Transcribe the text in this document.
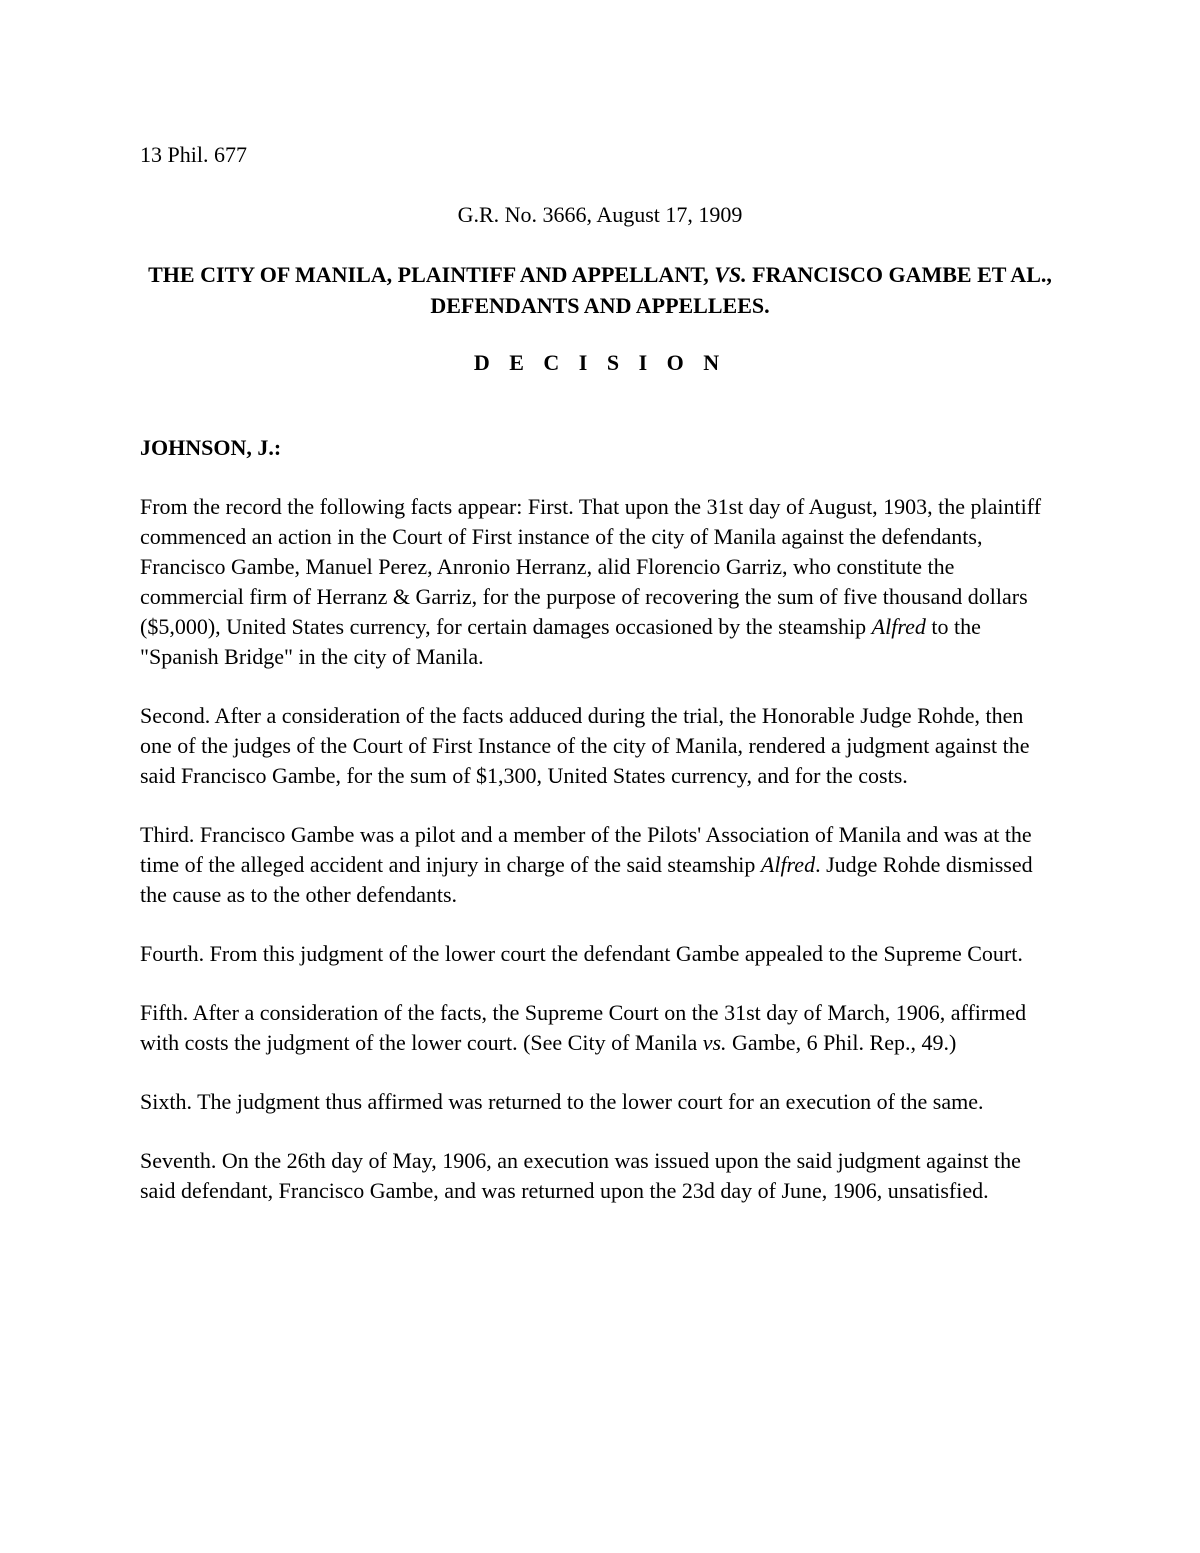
13 Phil. 677

G.R. No. 3666, August 17, 1909
THE CITY OF MANILA, PLAINTIFF AND APPELLANT, VS. FRANCISCO GAMBE ET AL., DEFENDANTS AND APPELLEES.
D E C I S I O N
JOHNSON, J.:

From the record the following facts appear: First. That upon the 31st day of August, 1903, the plaintiff commenced an action in the Court of First instance of the city of Manila against the defendants, Francisco Gambe, Manuel Perez, Anronio Herranz, alid Florencio Garriz, who constitute the commercial firm of Herranz & Garriz, for the purpose of recovering the sum of five thousand dollars ($5,000), United States currency, for certain damages occasioned by the steamship Alfred to the "Spanish Bridge" in the city of Manila.

Second. After a consideration of the facts adduced during the trial, the Honorable Judge Rohde, then one of the judges of the Court of First Instance of the city of Manila, rendered a judgment against the said Francisco Gambe, for the sum of $1,300, United States currency, and for the costs.

Third. Francisco Gambe was a pilot and a member of the Pilots' Association of Manila and was at the time of the alleged accident and injury in charge of the said steamship Alfred. Judge Rohde dismissed the cause as to the other defendants.

Fourth. From this judgment of the lower court the defendant Gambe appealed to the Supreme Court.

Fifth. After a consideration of the facts, the Supreme Court on the 31st day of March, 1906, affirmed with costs the judgment of the lower court. (See City of Manila vs. Gambe, 6 Phil. Rep., 49.)

Sixth. The judgment thus affirmed was returned to the lower court for an execution of the same.

Seventh. On the 26th day of May, 1906, an execution was issued upon the said judgment against the said defendant, Francisco Gambe, and was returned upon the 23d day of June, 1906, unsatisfied.
